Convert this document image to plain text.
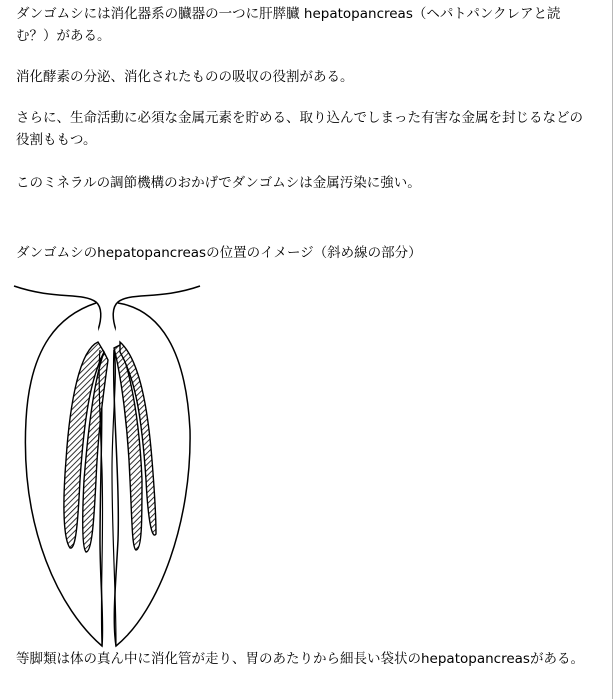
ダンゴムシには消化器系の臓器の一つに肝膵臓 hepatopancreas（ヘパトパンクレアと読む？）がある。

消化酵素の分泌、消化されたものの吸収の役割がある。

さらに、生命活動に必須な金属元素を貯める、取り込んでしまった有害な金属を封じるなどの役割ももつ。

このミネラルの調節機構のおかげでダンゴムシは金属汚染に強い。

ダンゴムシのhepatopancreasの位置のイメージ（斜め線の部分）

等脚類は体の真ん中に消化管が走り、胃のあたりから細長い袋状のhepatopancreasがある。
